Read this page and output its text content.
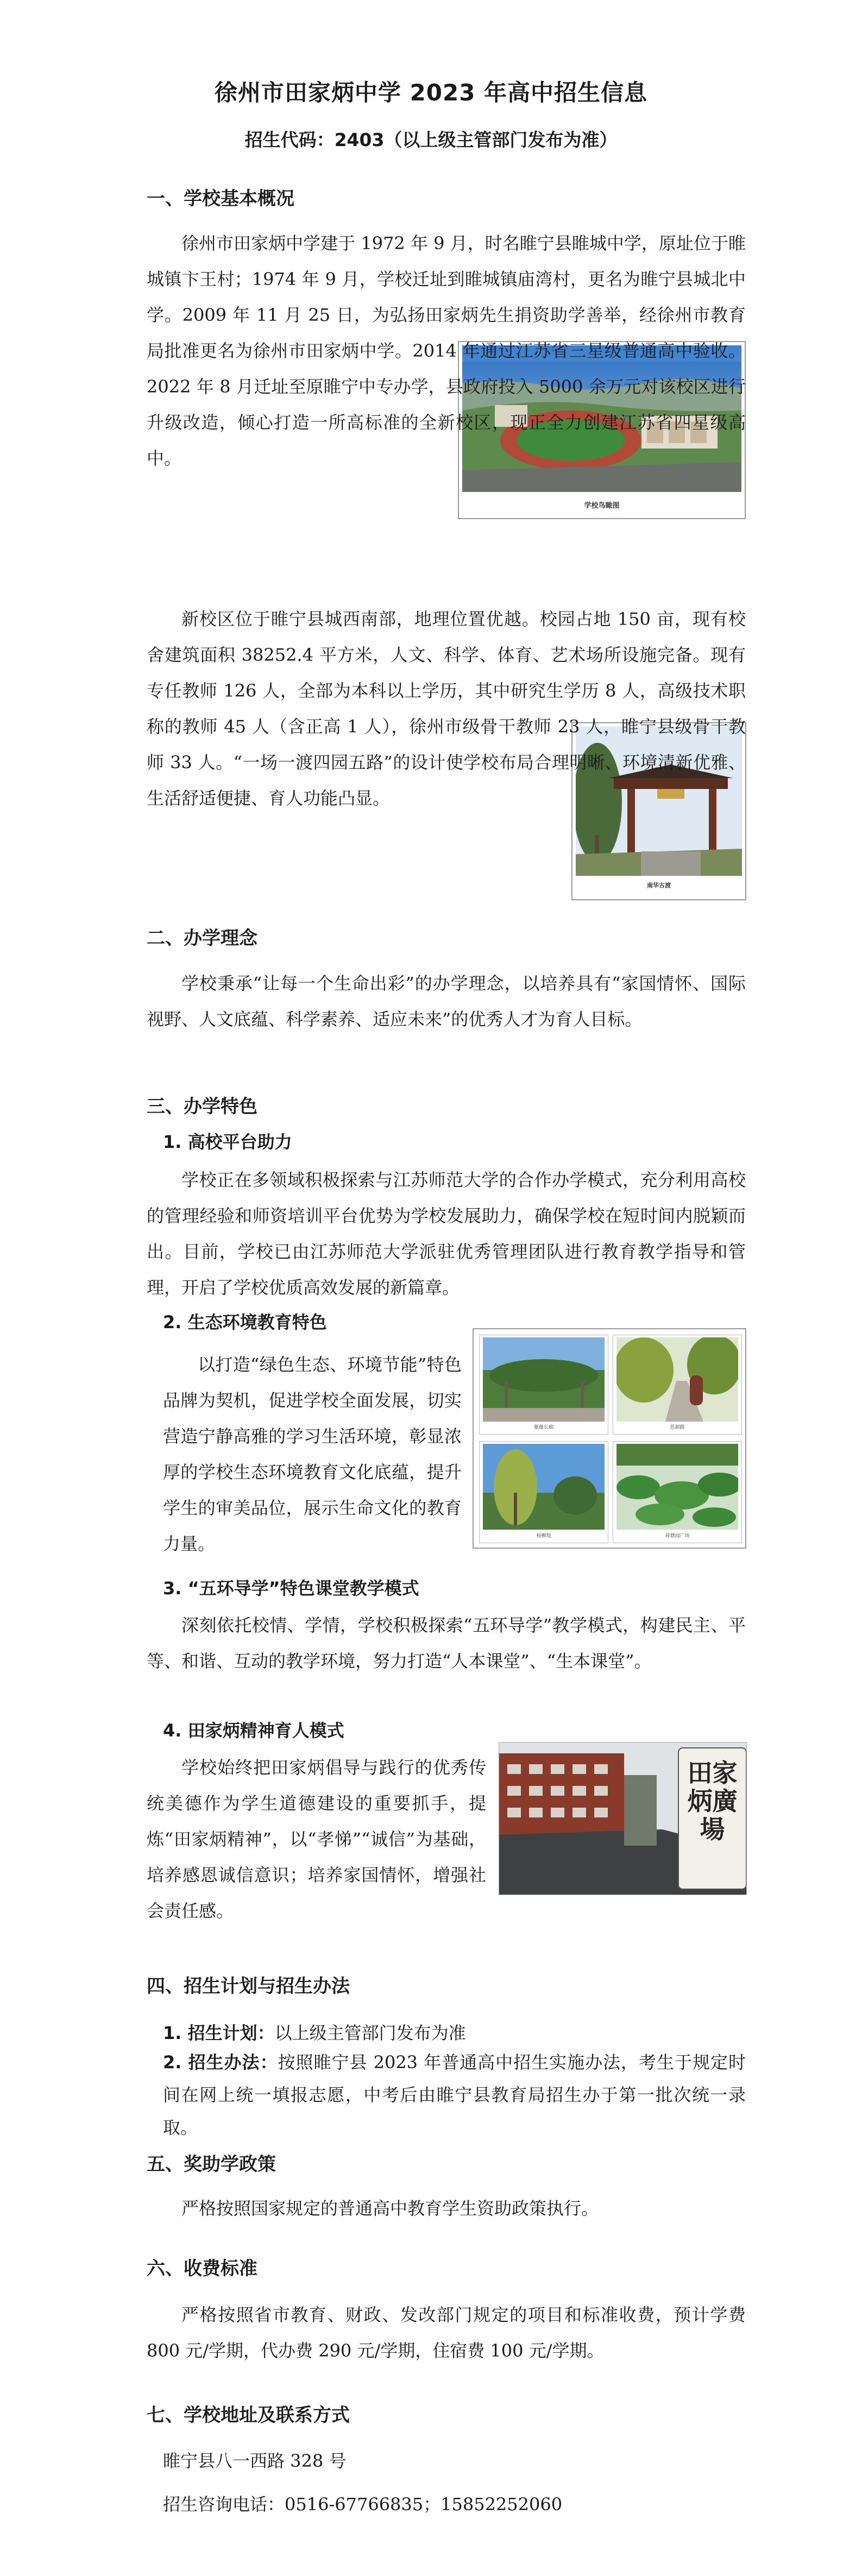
徐州市田家炳中学 2023 年高中招生信息
招生代码：2403（以上级主管部门发布为准）
一、学校基本概况
学校鸟瞰图

徐州市田家炳中学建于 1972 年 9 月，时名睢宁县睢城中学，原址位于睢城镇卞王村；1974 年 9 月，学校迁址到睢城镇庙湾村，更名为睢宁县城北中学。2009 年 11 月 25 日，为弘扬田家炳先生捐资助学善举，经徐州市教育局批准更名为徐州市田家炳中学。2014 年通过江苏省三星级普通高中验收。2022 年 8 月迁址至原睢宁中专办学，县政府投入 5000 余万元对该校区进行升级改造，倾心打造一所高标准的全新校区，现正全力创建江苏省四星级高中。

南华古渡

新校区位于睢宁县城西南部，地理位置优越。校园占地 150 亩，现有校舍建筑面积 38252.4 平方米，人文、科学、体育、艺术场所设施完备。现有专任教师 126 人，全部为本科以上学历，其中研究生学历 8 人，高级技术职称的教师 45 人（含正高 1 人），徐州市级骨干教师 23 人，睢宁县级骨干教师 33 人。“一场一渡四园五路”的设计使学校布局合理明晰、环境清新优雅、生活舒适便捷、育人功能凸显。

二、办学理念

学校秉承“让每一个生命出彩”的办学理念，以培养具有“家国情怀、国际视野、人文底蕴、科学素养、适应未来”的优秀人才为育人目标。

三、办学特色
1. 高校平台助力

学校正在多领域积极探索与江苏师范大学的合作办学模式，充分利用高校的管理经验和师资培训平台优势为学校发展助力，确保学校在短时间内脱颖而出。目前，学校已由江苏师范大学派驻优秀管理团队进行教育教学指导和管理，开启了学校优质高效发展的新篇章。

2. 生态环境教育特色
紫藤长廊	思源路
杨柳堤	荷塘闻广场

以打造“绿色生态、环境节能”特色品牌为契机，促进学校全面发展，切实营造宁静高雅的学习生活环境，彰显浓厚的学校生态环境教育文化底蕴，提升学生的审美品位，展示生命文化的教育力量。

3. “五环导学”特色课堂教学模式

深刻依托校情、学情，学校积极探索“五环导学”教学模式，构建民主、平等、和谐、互动的教学环境，努力打造“人本课堂”、“生本课堂”。

4. 田家炳精神育人模式
田家炳廣場

学校始终把田家炳倡导与践行的优秀传统美德作为学生道德建设的重要抓手，提炼“田家炳精神”，以“孝悌”“诚信”为基础，培养感恩诚信意识；培养家国情怀，增强社会责任感。

四、招生计划与招生办法
1. 招生计划：以上级主管部门发布为准

2. 招生办法：按照睢宁县 2023 年普通高中招生实施办法，考生于规定时间在网上统一填报志愿，中考后由睢宁县教育局招生办于第一批次统一录取。

五、奖助学政策

严格按照国家规定的普通高中教育学生资助政策执行。

六、收费标准

严格按照省市教育、财政、发改部门规定的项目和标准收费，预计学费 800 元/学期，代办费 290 元/学期，住宿费 100 元/学期。

七、学校地址及联系方式
睢宁县八一西路 328 号
招生咨询电话：0516-67766835；15852252060
